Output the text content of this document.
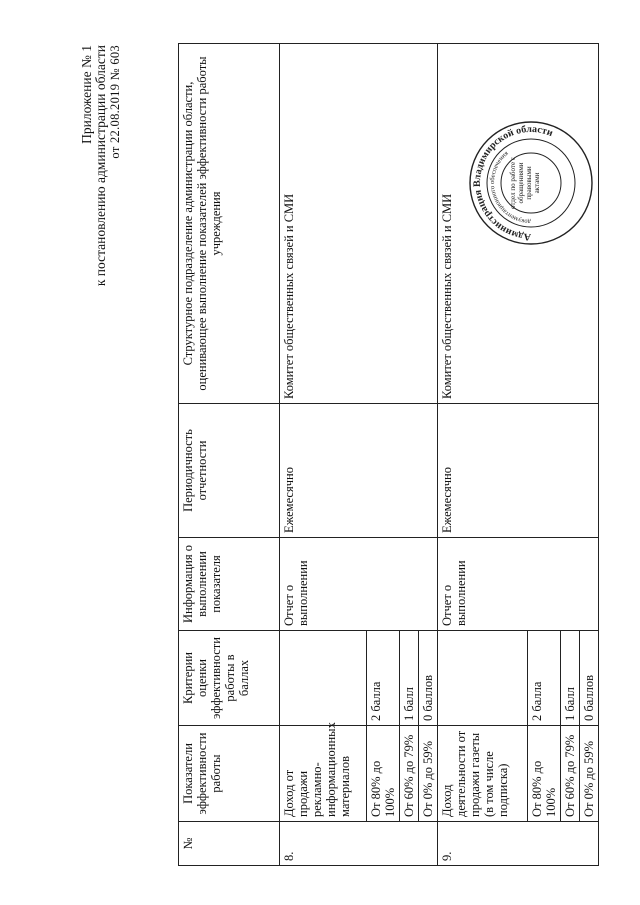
Приложение № 1 к постановлению администрации области от 22.08.2019 № 603
№	Показатели эффективности работы	Критерии оценки эффективности работы в баллах	Информация о выполнении показателя	Периодичность отчетности	Структурное подразделение администрации области, оценивающее выполнение показателей эффективности работы учреждения
8.	Доход от продажи рекламно-информационных материалов		Отчет о выполнении	Ежемесячно	Комитет общественных связей и СМИ
	От 80% до 100%	2 балла			
	От 60% до 79%	1 балл			
	От 0% до 59%	0 баллов			
9.	Доход деятельности от продажи газеты (в том числе подписка)		Отчет о выполнении	Ежемесячно	Комитет общественных связей и СМИ
	От 80% до 100%	2 балла			
	От 60% до 79%	1 балл			
	От 0% до 59%	0 баллов			
Администрация Владимирской области
документационного обеспечения
отдел по работе с обращениями правовыми актами
